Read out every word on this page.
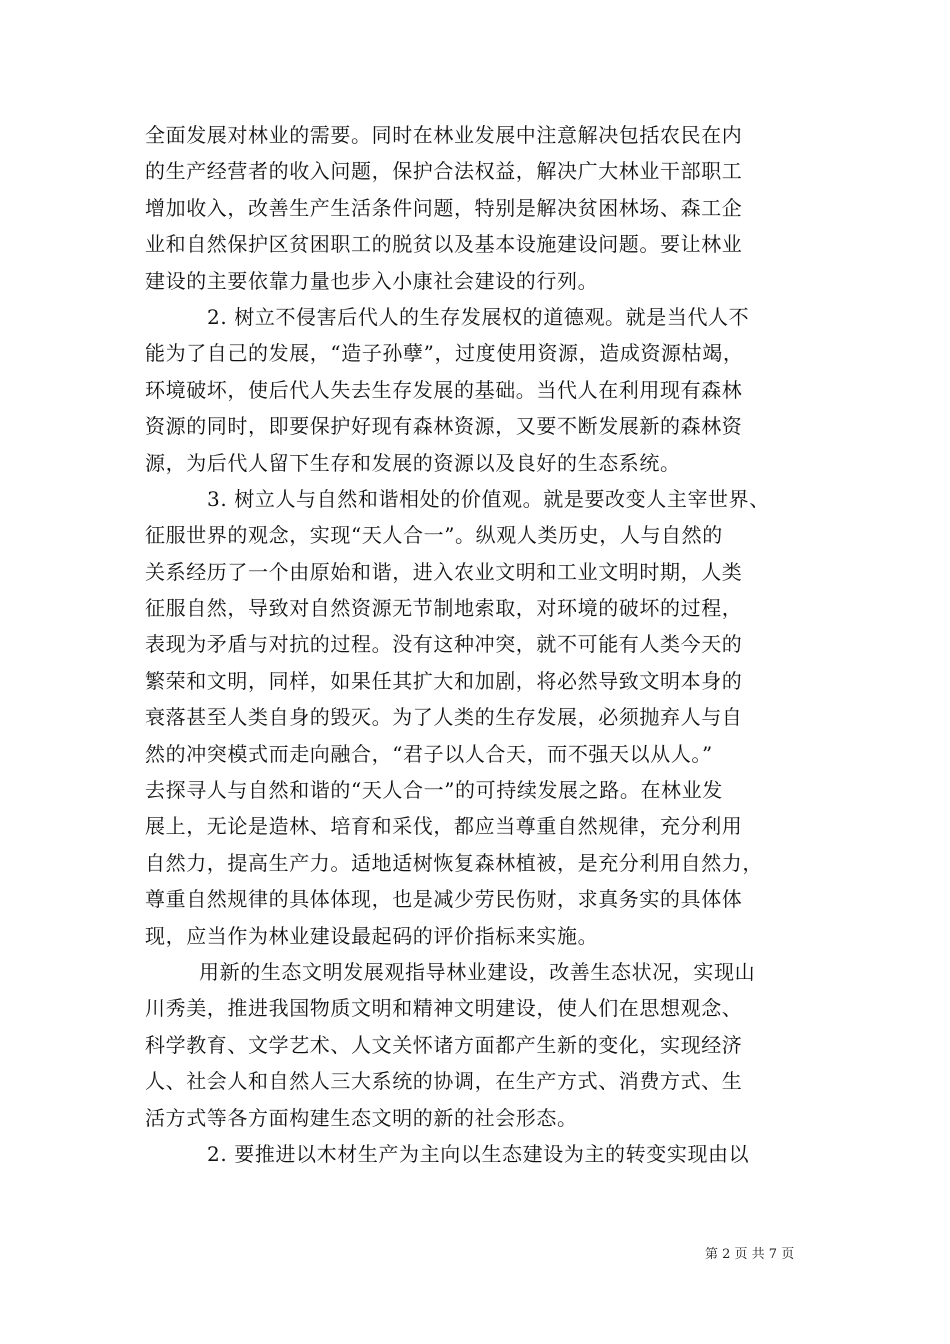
全面发展对林业的需要。同时在林业发展中注意解决包括农民在内
的生产经营者的收入问题，保护合法权益，解决广大林业干部职工
增加收入，改善生产生活条件问题，特别是解决贫困林场、森工企
业和自然保护区贫困职工的脱贫以及基本设施建设问题。要让林业
建设的主要依靠力量也步入小康社会建设的行列。
2. 树立不侵害后代人的生存发展权的道德观。就是当代人不
能为了自己的发展，“造子孙孽”，过度使用资源，造成资源枯竭，
环境破坏，使后代人失去生存发展的基础。当代人在利用现有森林
资源的同时，即要保护好现有森林资源，又要不断发展新的森林资
源，为后代人留下生存和发展的资源以及良好的生态系统。
3. 树立人与自然和谐相处的价值观。就是要改变人主宰世界、
征服世界的观念，实现“天人合一”。纵观人类历史，人与自然的
关系经历了一个由原始和谐，进入农业文明和工业文明时期，人类
征服自然，导致对自然资源无节制地索取，对环境的破坏的过程，
表现为矛盾与对抗的过程。没有这种冲突，就不可能有人类今天的
繁荣和文明，同样，如果任其扩大和加剧，将必然导致文明本身的
衰落甚至人类自身的毁灭。为了人类的生存发展，必须抛弃人与自
然的冲突模式而走向融合，“君子以人合天，而不强天以从人。”
去探寻人与自然和谐的“天人合一”的可持续发展之路。在林业发
展上，无论是造林、培育和采伐，都应当尊重自然规律，充分利用
自然力，提高生产力。适地适树恢复森林植被，是充分利用自然力，
尊重自然规律的具体体现，也是减少劳民伤财，求真务实的具体体
现，应当作为林业建设最起码的评价指标来实施。
用新的生态文明发展观指导林业建设，改善生态状况，实现山
川秀美，推进我国物质文明和精神文明建设，使人们在思想观念、
科学教育、文学艺术、人文关怀诸方面都产生新的变化，实现经济
人、社会人和自然人三大系统的协调，在生产方式、消费方式、生
活方式等各方面构建生态文明的新的社会形态。
2. 要推进以木材生产为主向以生态建设为主的转变实现由以
第 2 页 共 7 页
